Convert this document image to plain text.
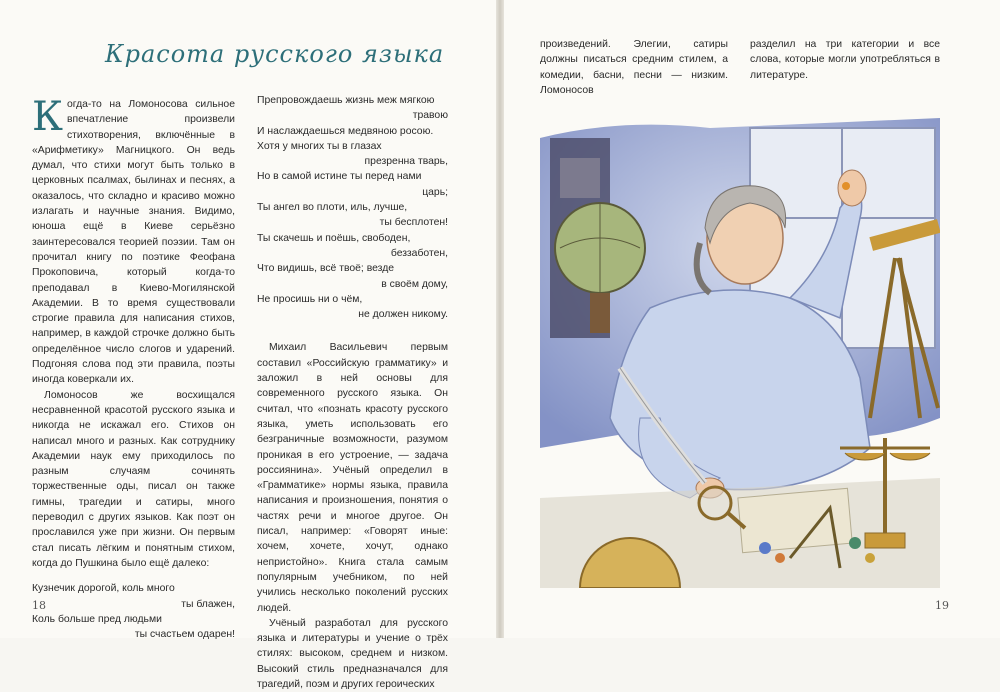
Красота русского языка

Когда-то на Ломоносова сильное впечатление произвели стихотворения, включённые в «Арифметику» Магницкого. Он ведь думал, что стихи могут быть только в церковных псалмах, былинах и песнях, а оказалось, что складно и красиво можно излагать и научные знания. Видимо, юноша ещё в Киеве серьёзно заинтересовался теорией поэзии. Там он прочитал книгу по поэтике Феофана Прокоповича, который когда-то преподавал в Киево-Могилянской Академии. В то время существовали строгие правила для написания стихов, например, в каждой строчке должно быть определённое число слогов и ударений. Подгоняя слова под эти правила, поэты иногда коверкали их.

Ломоносов же восхищался несравненной красотой русского языка и никогда не искажал его. Стихов он написал много и разных. Как сотруднику Академии наук ему приходилось по разным случаям сочинять торжественные оды, писал он также гимны, трагедии и сатиры, много переводил с других языков. Как поэт он прославился уже при жизни. Он первым стал писать лёгким и понятным стихом, когда до Пушкина было ещё далеко:

Кузнечик дорогой, коль много
ты блажен,
Коль больше пред людьми
ты счастьем одарен!
Препровождаешь жизнь меж мягкою
травою
И наслаждаешься медвяною росою.
Хотя у многих ты в глазах
презренна тварь,
Но в самой истине ты перед нами
царь;
Ты ангел во плоти, иль, лучше,
ты бесплотен!
Ты скачешь и поёшь, свободен,
беззаботен,
Что видишь, всё твоё; везде
в своём дому,
Не просишь ни о чём,
не должен никому.

Михаил Васильевич первым составил «Российскую грамматику» и заложил в ней основы для современного русского языка. Он считал, что «познать красоту русского языка, уметь использовать его безграничные возможности, разумом проникая в его устроение, — задача россиянина». Учёный определил в «Грамматике» нормы языка, правила написания и произношения, понятия о частях речи и многое другое. Он писал, например: «Говорят иные: хочем, хочете, хочут, однако непристойно». Книга стала самым популярным учебником, по ней учились несколько поколений русских людей.

Учёный разработал для русского языка и литературы и учение о трёх стилях: высоком, среднем и низком. Высокий стиль предназначался для трагедий, поэм и других героических

произведений. Элегии, сатиры должны писаться средним стилем, а комедии, басни, песни — низким. Ломоносов

разделил на три категории и все слова, которые могли употребляться в литературе.

18	19
